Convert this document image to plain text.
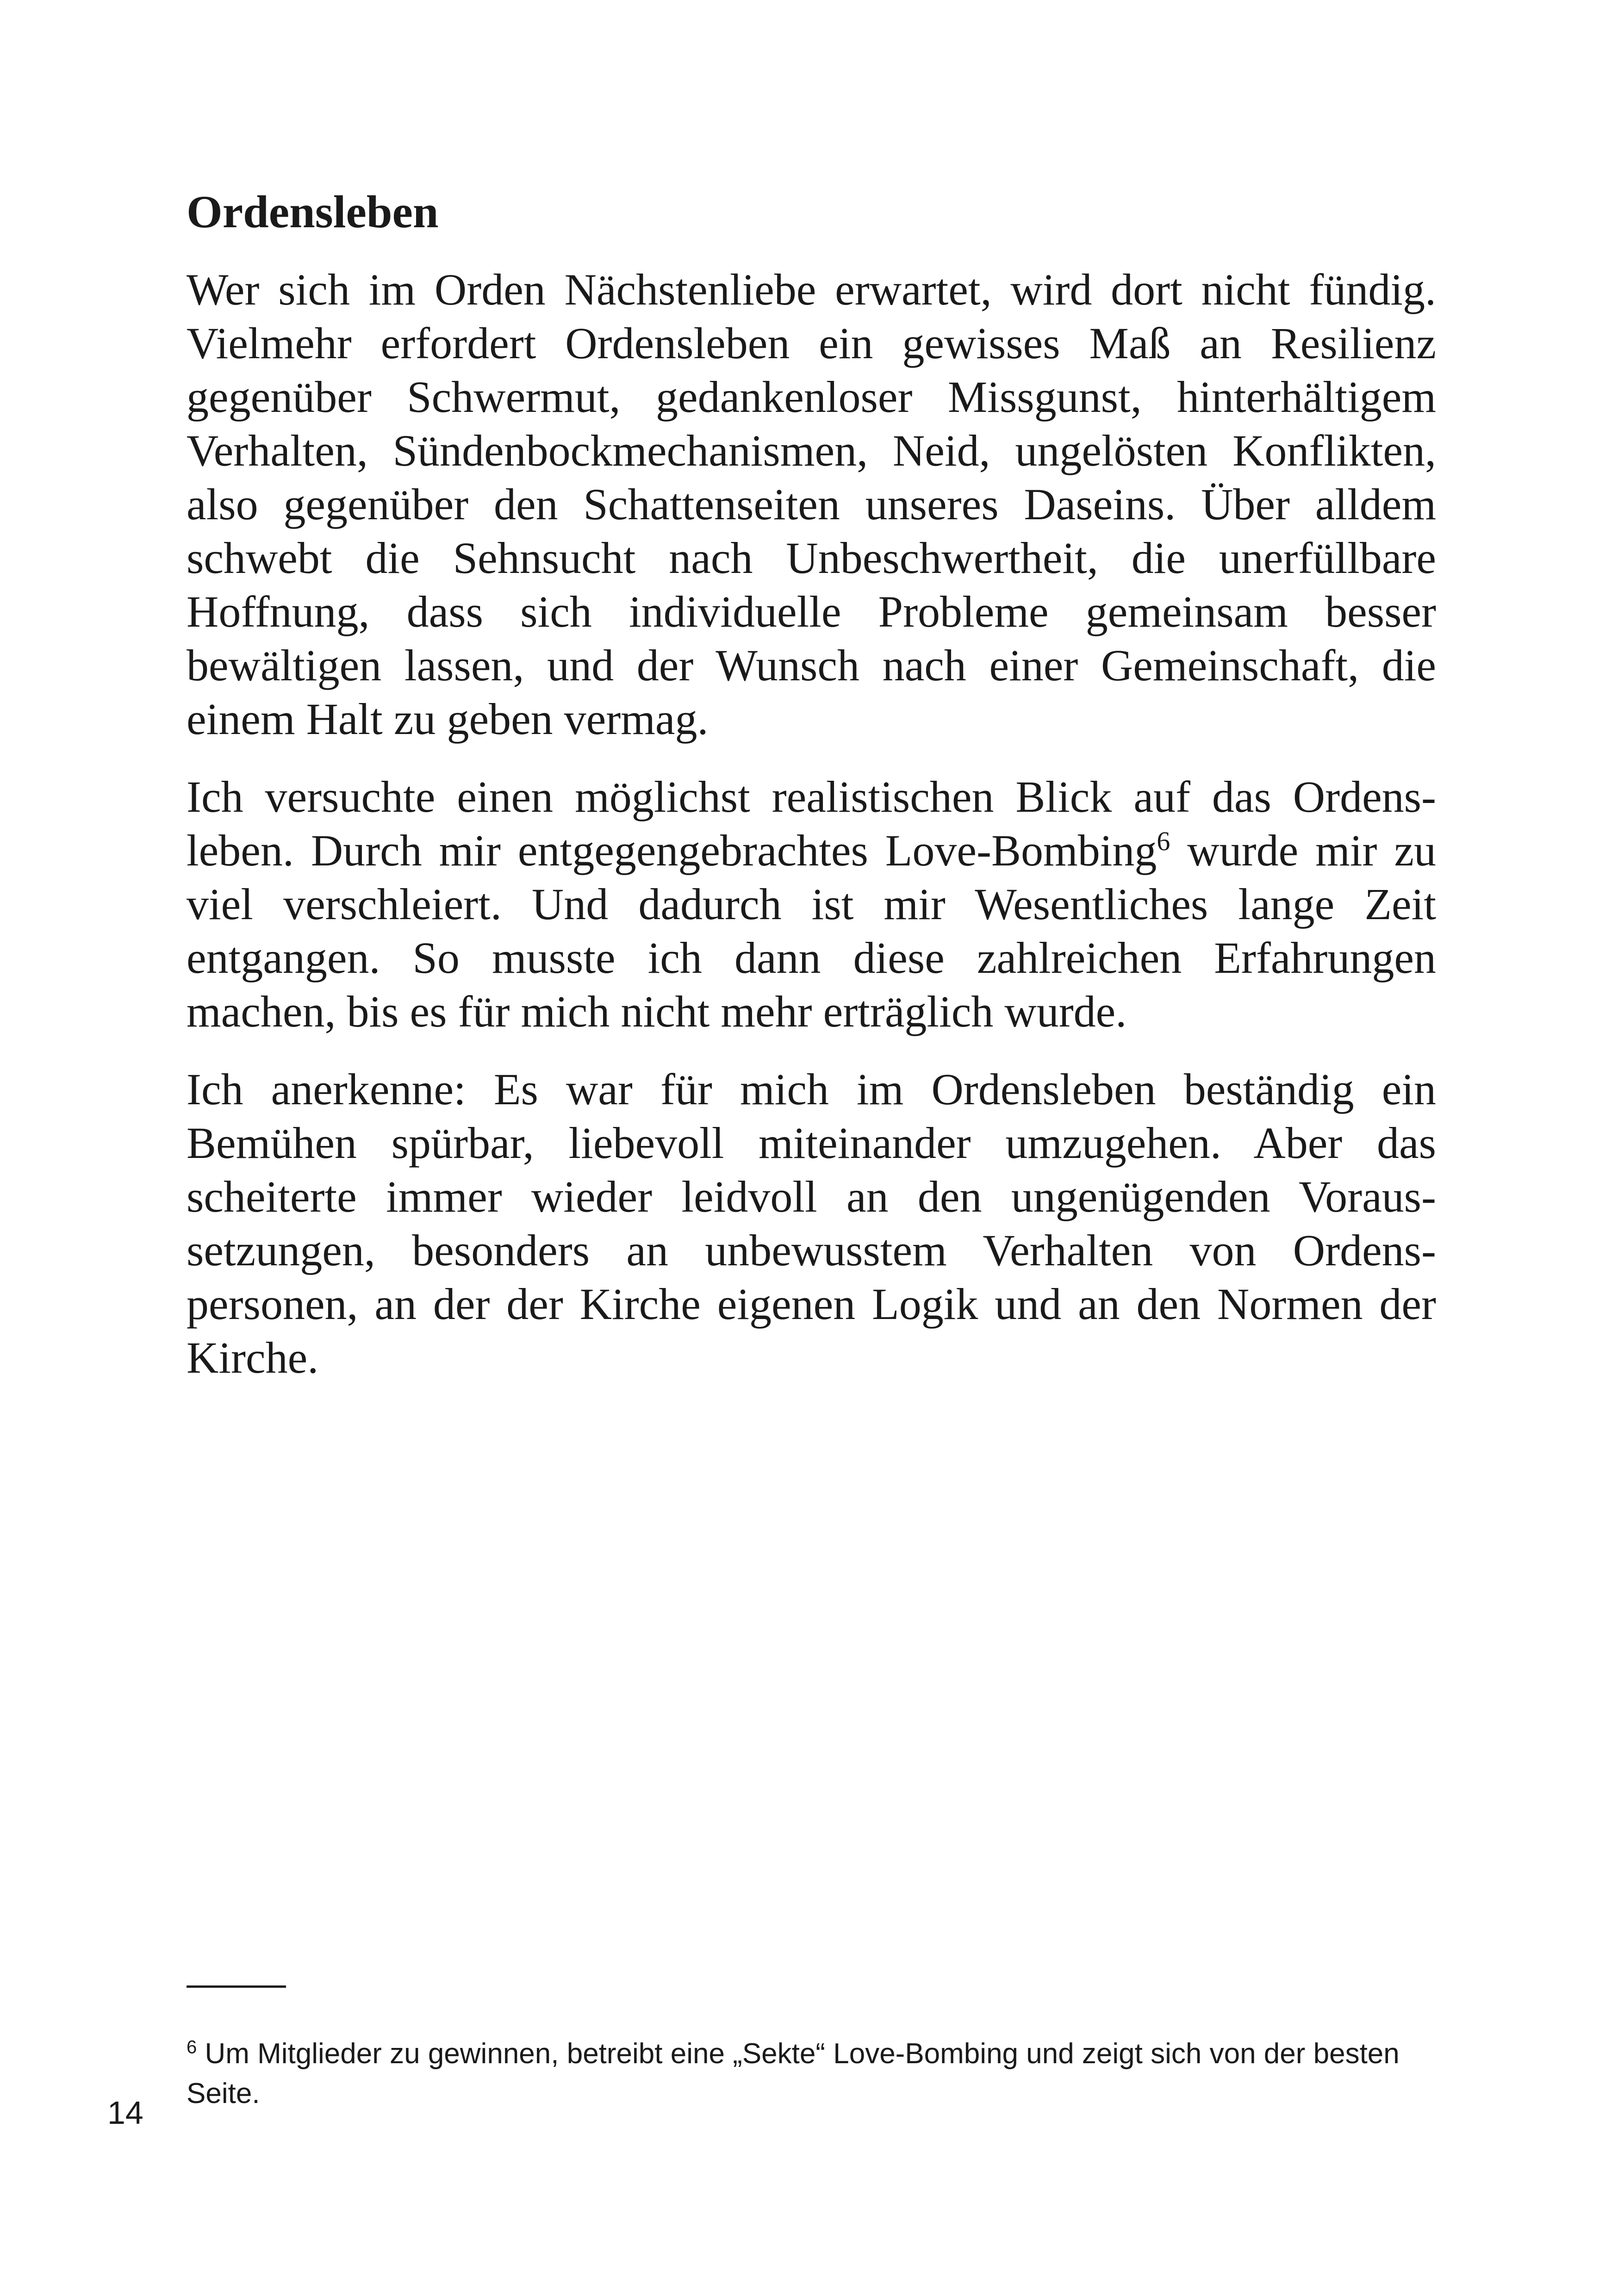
Ordensleben

Wer sich im Orden Nächstenliebe erwartet, wird dort nicht fündig. Vielmehr erfordert Ordensleben ein gewisses Maß an Resilienz gegenüber Schwermut, gedankenloser Missgunst, hinterhältigem Verhalten, Sündenbockmechanismen, Neid, ungelösten Konflikten, also gegenüber den Schattenseiten unseres Daseins. Über alldem schwebt die Sehnsucht nach Unbeschwertheit, die unerfüllbare Hoffnung, dass sich individuelle Probleme gemeinsam besser bewältigen lassen, und der Wunsch nach einer Gemeinschaft, die einem Halt zu geben vermag.

Ich versuchte einen möglichst realistischen Blick auf das Ordensleben. Durch mir entgegengebrachtes Love-Bombing$^6$ wurde mir zu viel verschleiert. Und dadurch ist mir Wesentliches lange Zeit entgangen. So musste ich dann diese zahlreichen Erfahrungen machen, bis es für mich nicht mehr erträglich wurde.

Ich anerkenne: Es war für mich im Ordensleben beständig ein Bemühen spürbar, liebevoll miteinander umzugehen. Aber das scheiterte immer wieder leidvoll an den ungenügenden Voraussetzungen, besonders an unbewusstem Verhalten von Ordenspersonen, an der der Kirche eigenen Logik und an den Normen der Kirche.

$^6$ Um Mitglieder zu gewinnen, betreibt eine „Sekte“ Love-Bombing und zeigt sich von der besten Seite.
14
